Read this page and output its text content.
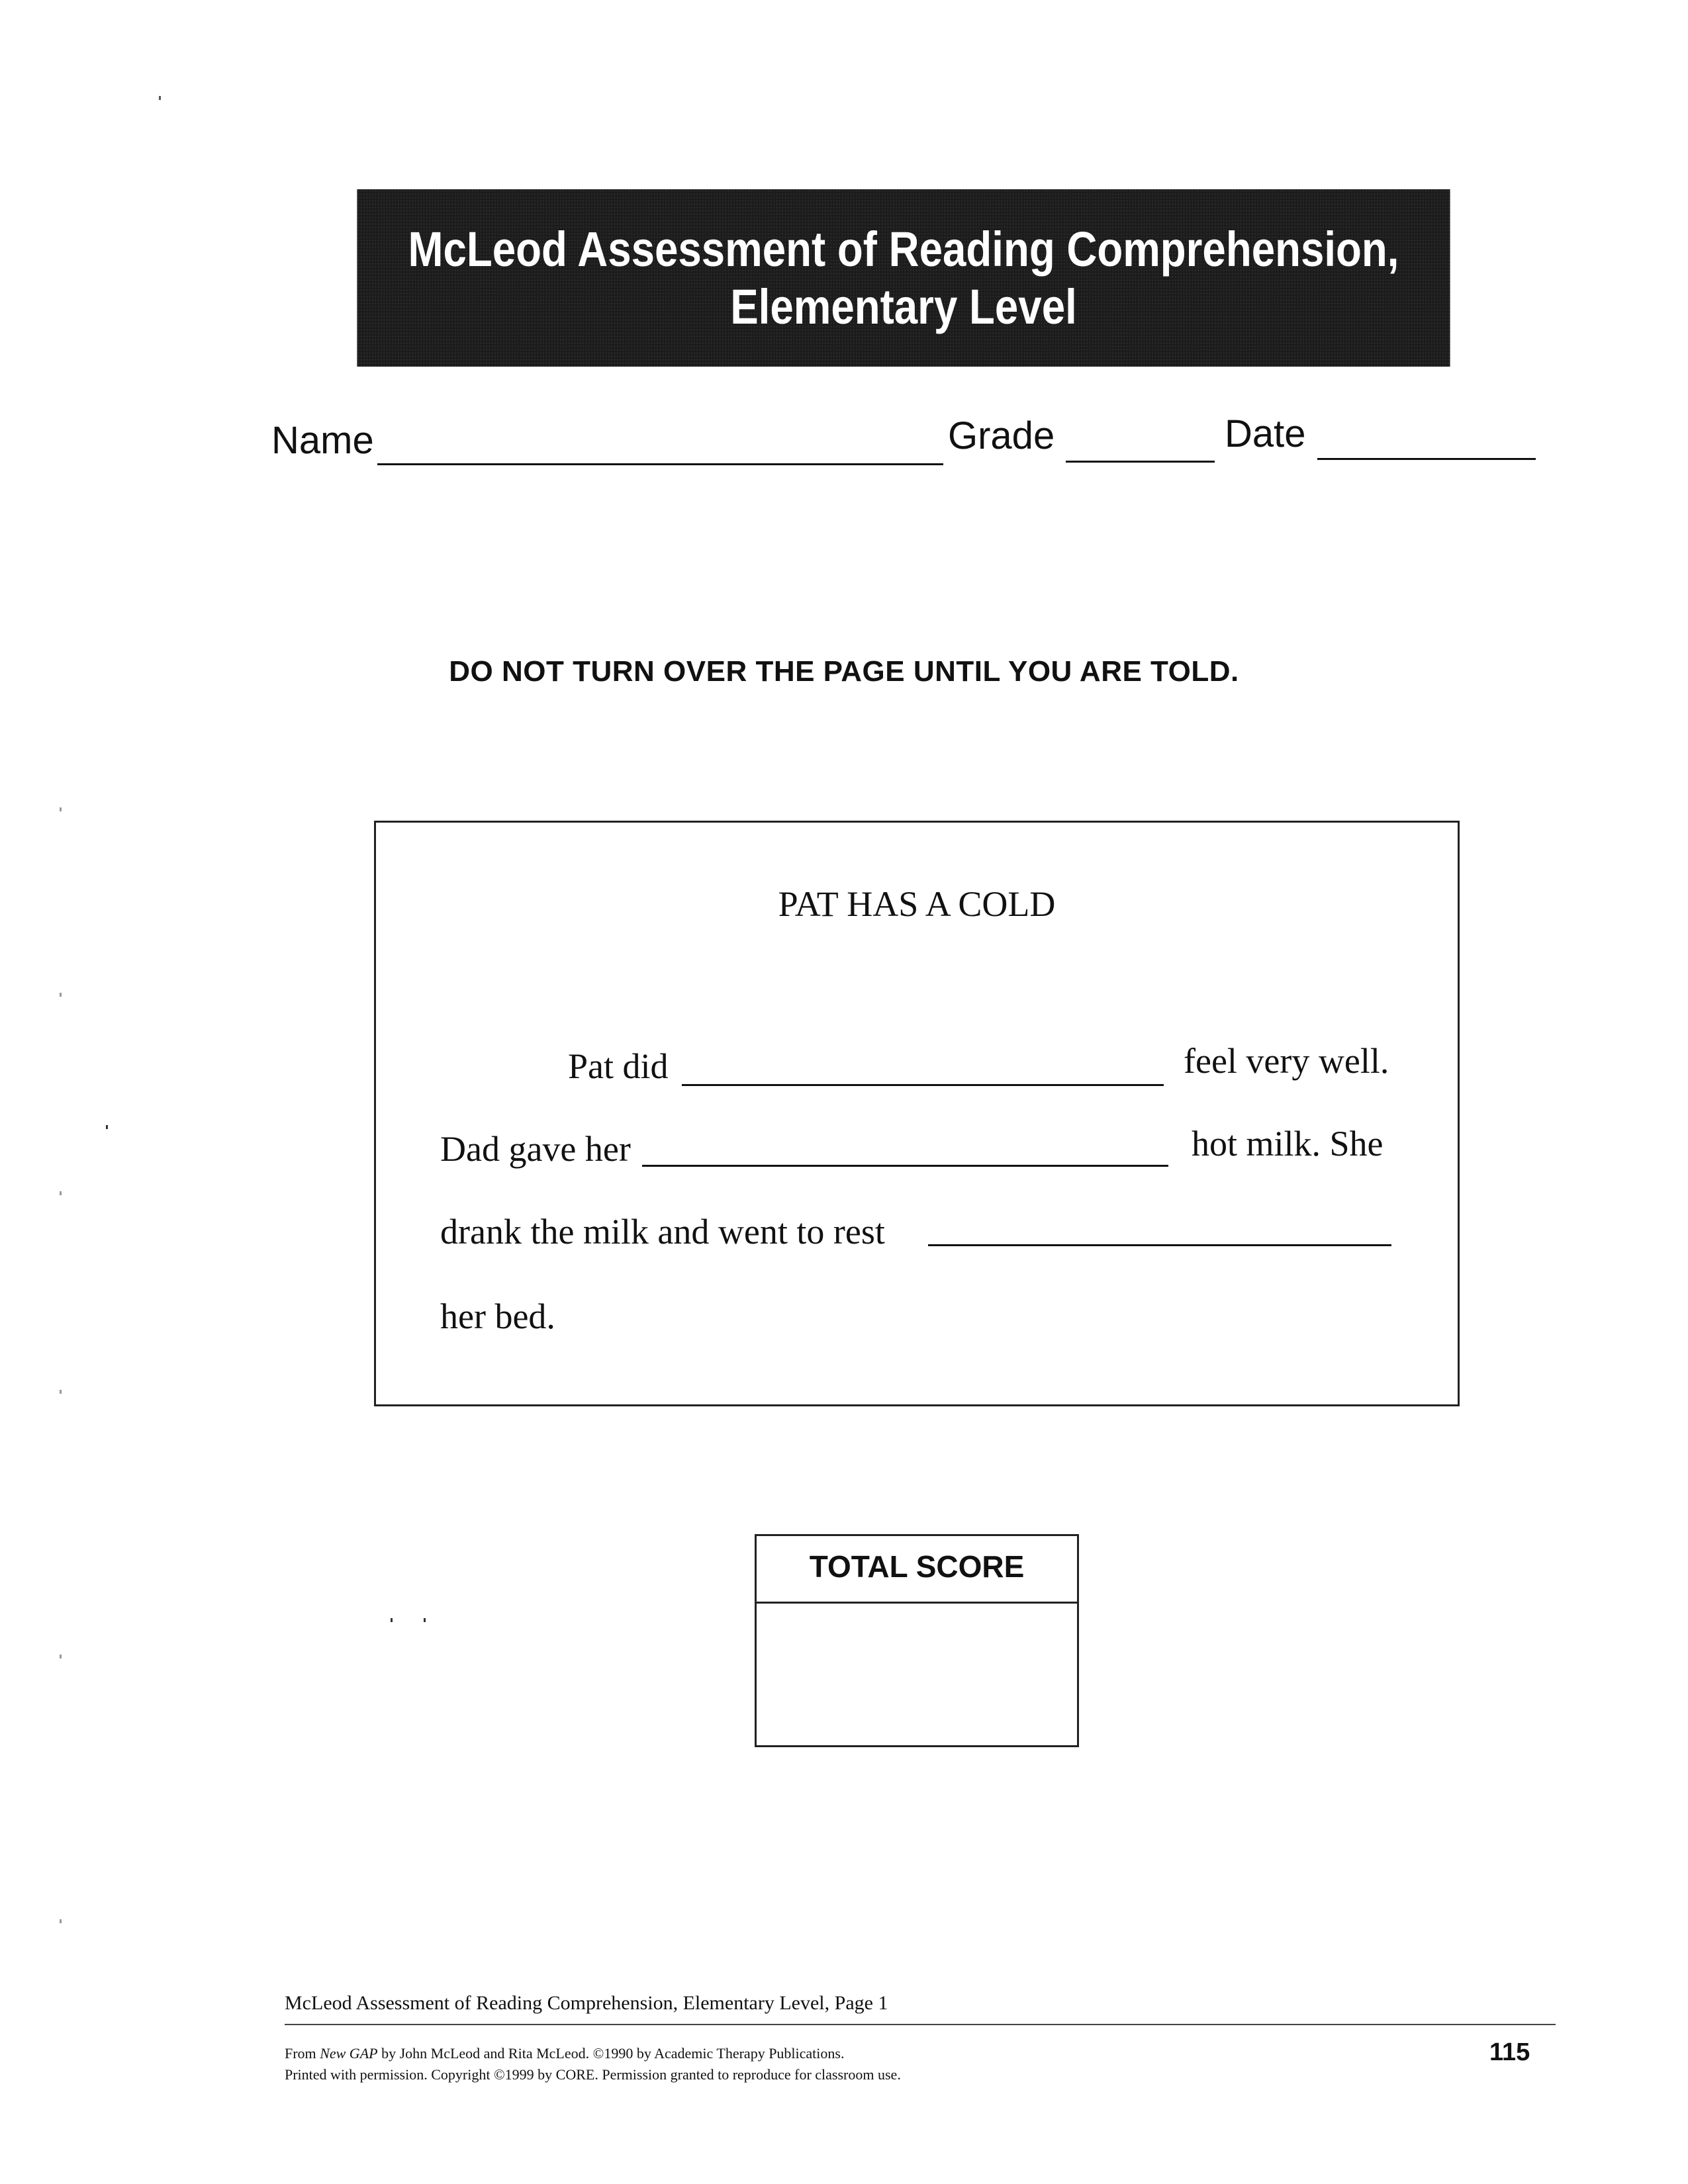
McLeod Assessment of Reading Comprehension,
Elementary Level
Name	Grade	Date
DO NOT TURN OVER THE PAGE UNTIL YOU ARE TOLD.
PAT HAS A COLD
Pat did	feel very well.
Dad gave her	hot milk. She
drank the milk and went to rest
her bed.
TOTAL SCORE
McLeod Assessment of Reading Comprehension, Elementary Level, Page 1
From New GAP by John McLeod and Rita McLeod. ©1990 by Academic Therapy Publications.
Printed with permission. Copyright ©1999 by CORE. Permission granted to reproduce for classroom use.
115
